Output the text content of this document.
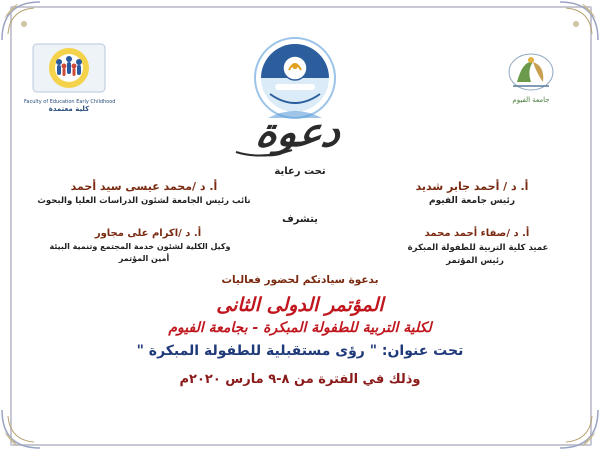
Faculty of Education Early Childhood
كلية معتمدة
جامعة الفيوم
دعوة
تحت رعاية
أ. د / أحمد جابر شديد
رئيس جامعة الفيوم
أ. د /محمد عيسى سيد أحمد
نائب رئيس الجامعة لشئون الدراسات العليا والبحوث
يتشرف
أ. د /صفاء أحمد محمد
عميد كلية التربية للطفولة المبكرة
رئيس المؤتمر
أ. د /اكرام على مجاور
وكيل الكلية لشئون خدمة المجتمع وتنمية البيئة
أمين المؤتمر
بدعوة سيادتكم لحضور فعاليات
المؤتمر الدولى الثانى
لكلية التربية للطفولة المبكرة - بجامعة الفيوم
تحت عنوان: " رؤى مستقبلية للطفولة المبكرة "
وذلك في الفترة من ٨-٩ مارس ٢٠٢٠م
